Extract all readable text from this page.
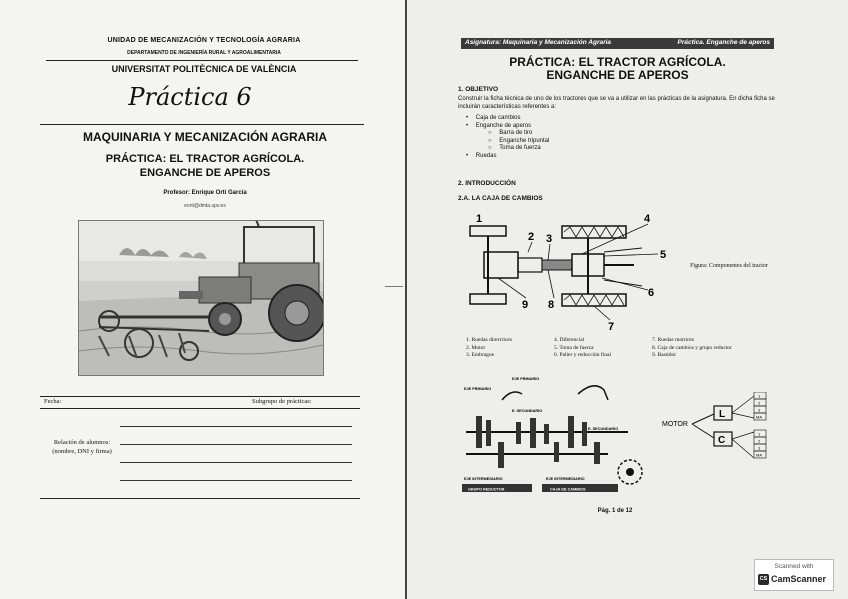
UNIDAD DE MECANIZACIÓN Y TECNOLOGÍA AGRARIA
DEPARTAMENTO DE INGENIERÍA RURAL Y AGROALIMENTARIA
UNIVERSITAT POLITÈCNICA DE VALÈNCIA
Práctica 6
MAQUINARIA Y MECANIZACIÓN AGRARIA
PRÁCTICA: EL TRACTOR AGRÍCOLA.
ENGANCHE DE APEROS
Profesor: Enrique Ortí García
eorti@dmta.upv.es
Fecha:	Subgrupo de prácticas:
Relación de alumnos: (nombre, DNI y firma)
Asignatura: Maquinaria y Mecanización Agraria	Práctica. Enganche de aperos
PRÁCTICA: EL TRACTOR AGRÍCOLA.
ENGANCHE DE APEROS
1. OBJETIVO
Construir la ficha técnica de uno de los tractores que se va a utilizar en las prácticas de la asignatura. En dicha ficha se incluirán características referentes a:
• Caja de cambios
• Enganche de aperos
○ Barra de tiro
○ Enganche tripuntal
○ Toma de fuerza
• Ruedas
2. INTRODUCCIÓN
2.A. LA CAJA DE CAMBIOS
1
2 3
4
5
6
7
8
9
Figura: Componentes del tractor
1. Ruedas directrices
2. Motor
3. Embrague
4. Diferencial
5. Toma de fuerza
6. Palier y reducción final
7. Ruedas motrices
8. Caja de cambios y grupo reductor
9. Bastidor
EJE PRIMARIO
EJE PRIMARIO
E. SECUNDARIO
E. SECUNDARIO
EJE INTERMEDIARIO	EJE INTERMEDIARIO
GRUPO REDUCTOR	CAJA DE CAMBIOS
MOTOR
L
C
1
2
3
MA
1
2
3
MA
Pág. 1 de 12
Scanned with
CS CamScanner
